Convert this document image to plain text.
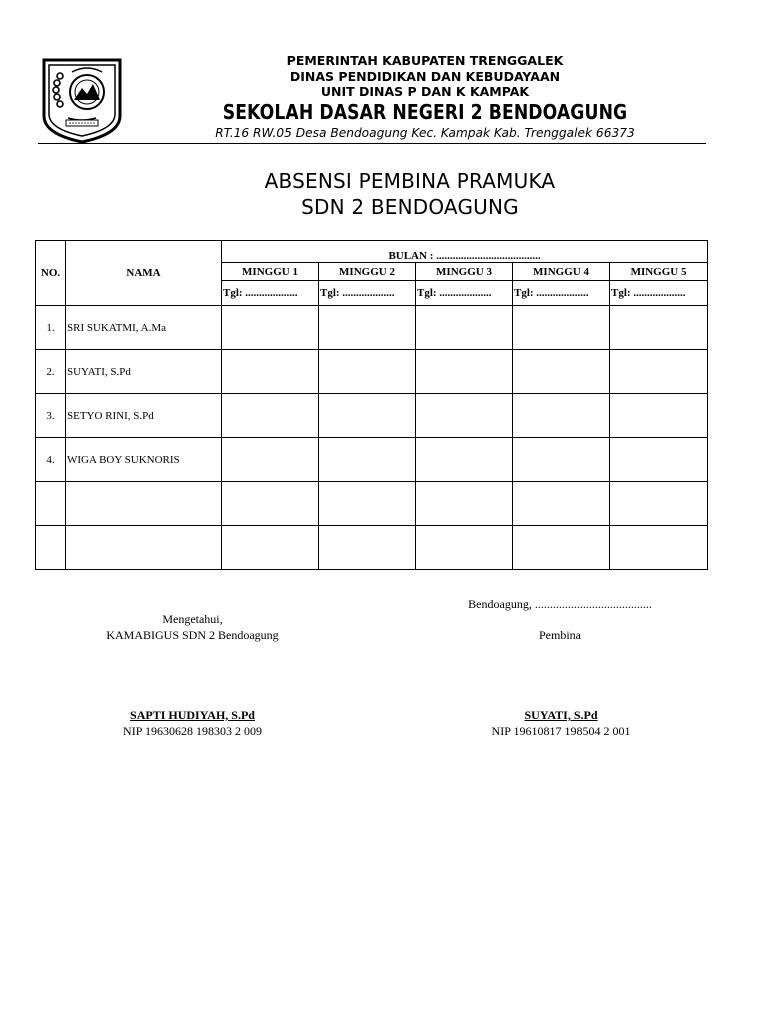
PEMERINTAH KABUPATEN TRENGGALEK
DINAS PENDIDIKAN DAN KEBUDAYAAN
UNIT DINAS P DAN K KAMPAK
SEKOLAH DASAR NEGERI 2 BENDOAGUNG
RT.16 RW.05 Desa Bendoagung Kec. Kampak Kab. Trenggalek 66373
ABSENSI PEMBINA PRAMUKA
SDN 2 BENDOAGUNG
NO.	NAMA	BULAN : ......................................				
		MINGGU 1	MINGGU 2	MINGGU 3	MINGGU 4	MINGGU 5
		Tgl: ...................	Tgl: ...................	Tgl: ...................	Tgl: ...................	Tgl: ...................
1.	SRI SUKATMI, A.Ma					
2.	SUYATI, S.Pd					
3.	SETYO RINI, S.Pd					
4.	WIGA BOY SUKNORIS					

Bendoagung, .......................................
Mengetahui,
KAMABIGUS SDN 2 Bendoagung	Pembina
SAPTI HUDIYAH, S.Pd
NIP 19630628 198303 2 009
SUYATI, S.Pd
NIP 19610817 198504 2 001
